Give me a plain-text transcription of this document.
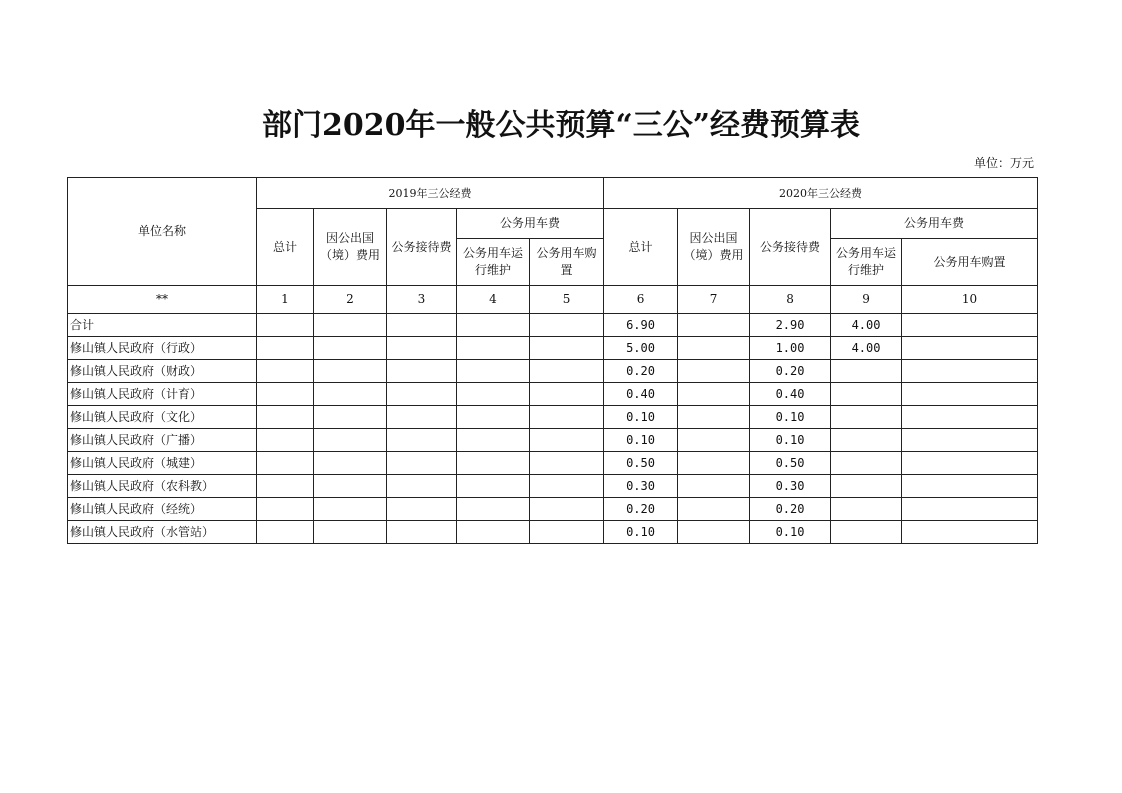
部门2020年一般公共预算“三公”经费预算表
单位：万元
单位名称	2019年三公经费					2020年三公经费				
	总计	因公出国（境）费用	公务接待费	公务用车费		总计	因公出国（境）费用	公务接待费	公务用车费	
				公务用车运行维护	公务用车购置				公务用车运行维护	公务用车购置
**	1	2	3	4	5	6	7	8	9	10
合计						6.90		2.90	4.00	
修山镇人民政府（行政）						5.00		1.00	4.00	
修山镇人民政府（财政）						0.20		0.20		
修山镇人民政府（计育）						0.40		0.40		
修山镇人民政府（文化）						0.10		0.10		
修山镇人民政府（广播）						0.10		0.10		
修山镇人民政府（城建）						0.50		0.50		
修山镇人民政府（农科教）						0.30		0.30		
修山镇人民政府（经统）						0.20		0.20		
修山镇人民政府（水管站）						0.10		0.10		
